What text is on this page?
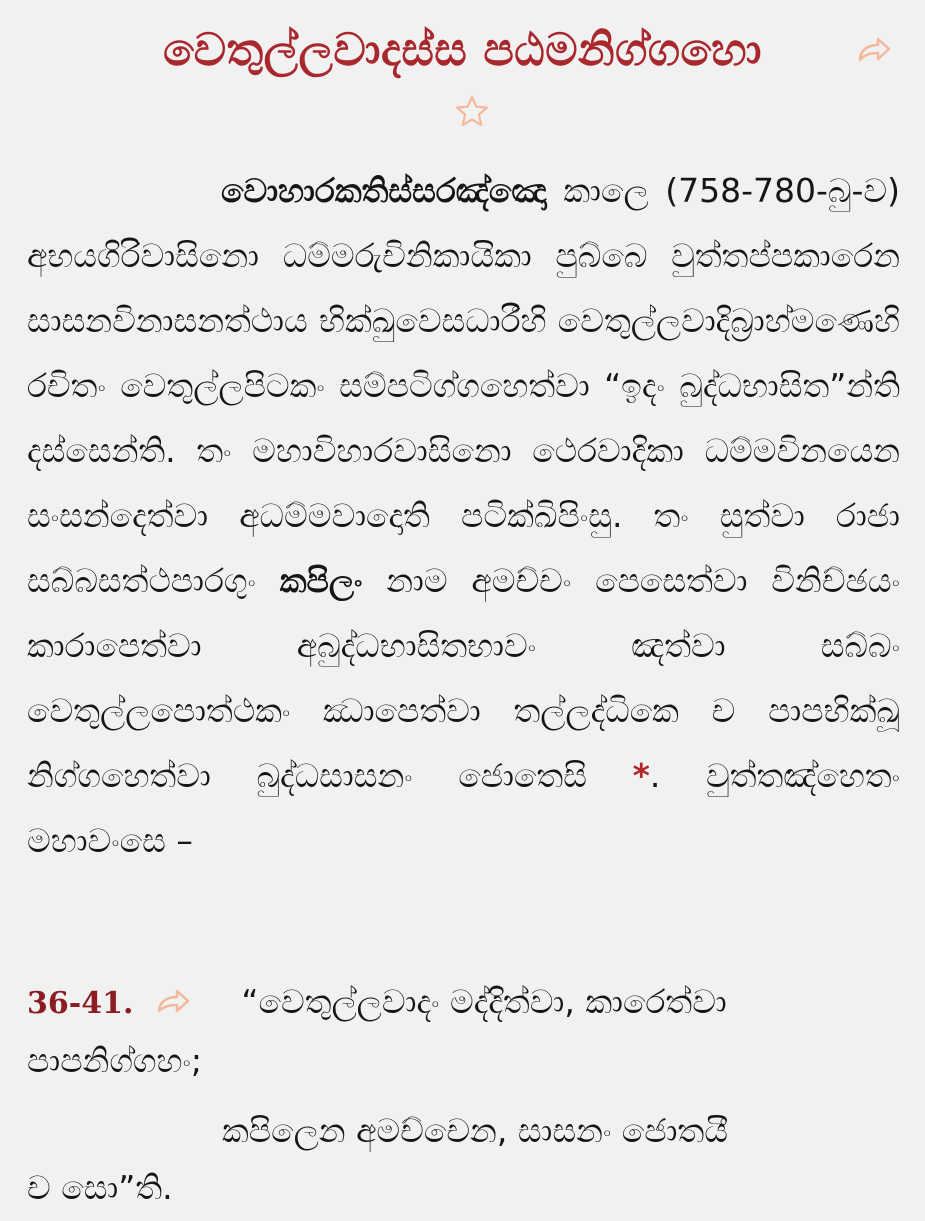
වෙතුල්ලවාදස්ස පඨමනිග්ගහො
වොහාරකතිස්සරඤ්ඤො කාලෙ (758-780-බු-ව) අභයගිරිවාසිනො ධම්මරුචිනිකායිකා පුබ්බෙ වුත්තප්පකාරෙන සාසනවිනාසනත්ථාය භික්ඛුවෙසධාරීහි වෙතුල්ලවාදිබ්‍රාහ්මණෙහි රචිතං වෙතුල්ලපිටකං සම්පටිග්ගහෙත්වා “ඉදං බුද්ධභාසිත”න්ති දස්සෙන්ති. තං මහාවිහාරවාසිනො ථෙරවාදිකා ධම්මවිනයෙන සංසන්දෙත්වා අධම්මවාදොති පටික්ඛිපිංසු. තං සුත්වා රාජා සබ්බසත්ථපාරගුං කපිලං නාම අමච්චං පෙසෙත්වා විනිච්ඡයං කාරාපෙත්වා අබුද්ධභාසිතභාවං ඤත්වා සබ්බං වෙතුල්ලපොත්ථකං ඣාපෙත්වා තල්ලද්ධිකෙ ච පාපභික්ඛූ නිග්ගහෙත්වා බුද්ධසාසනං ජොතෙසි *. වුත්තඤ්හෙතං මහාවංසෙ –
36-41.	“වෙතුල්ලවාදං මද්දිත්වා, කාරෙත්වා
පාපනිග්ගහං;
කපිලෙන අමච්චෙන, සාසනං ජොතයී
ච සො”ති.
